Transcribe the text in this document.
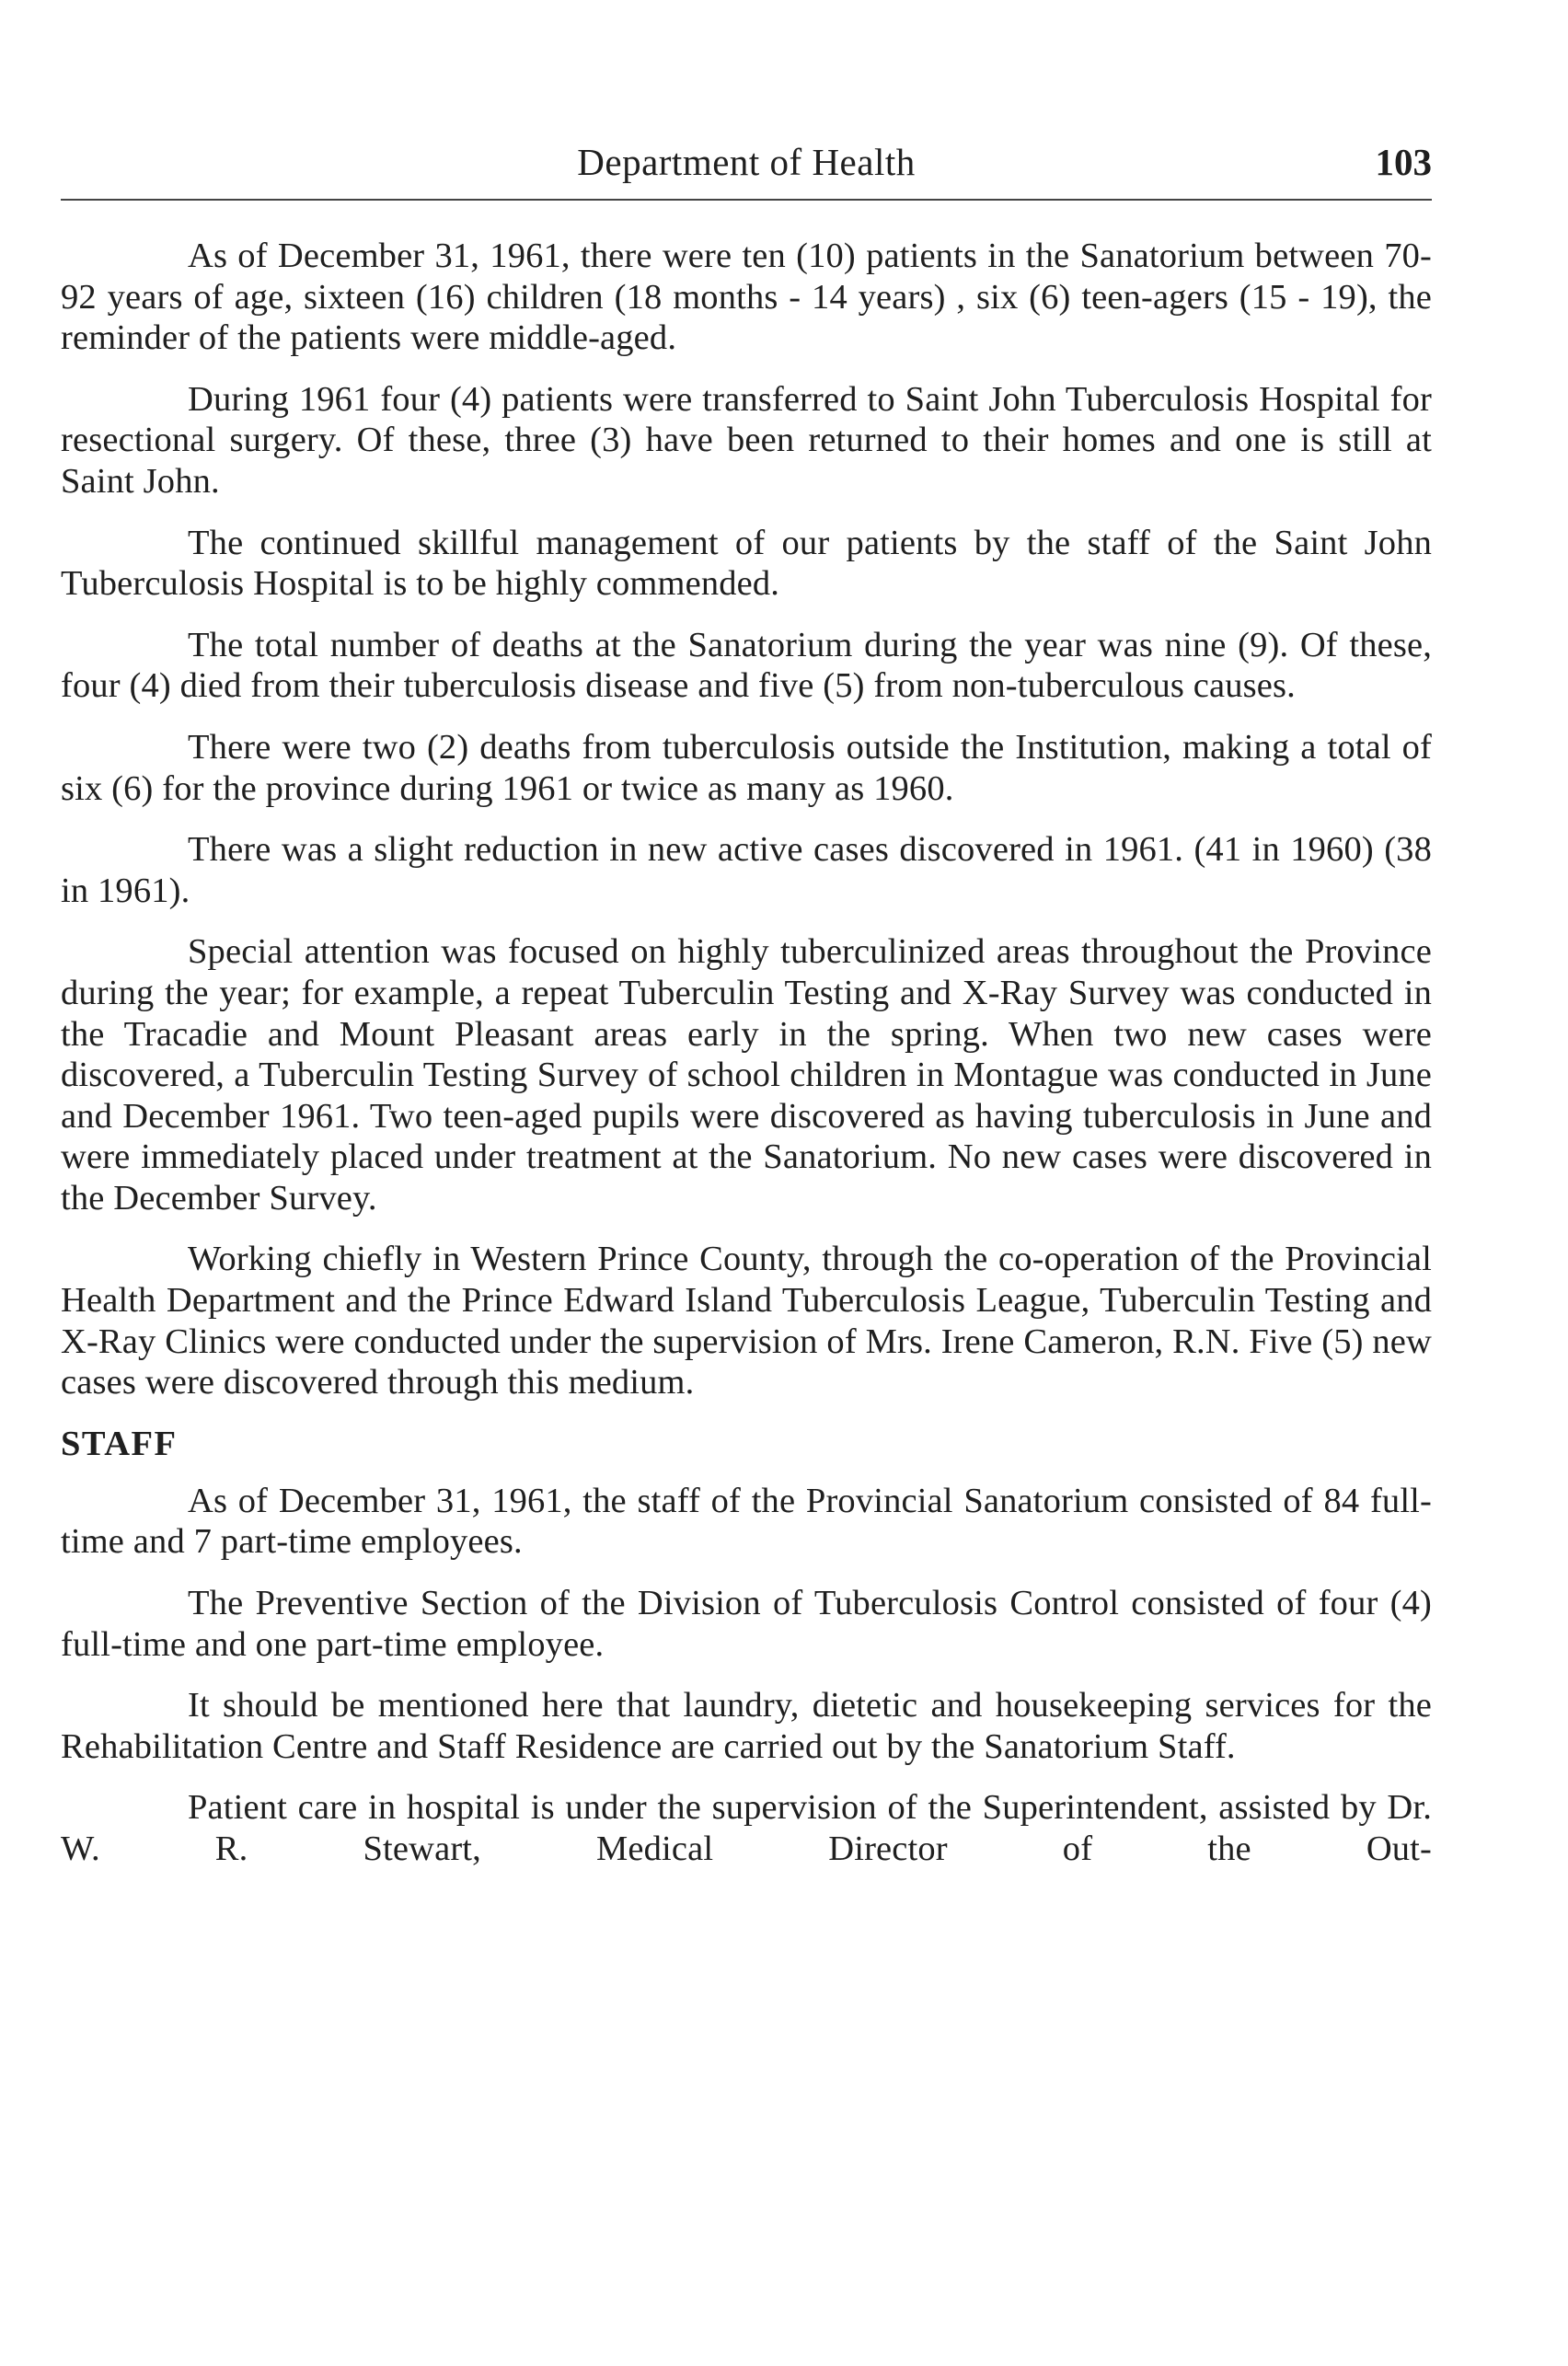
Department of Health	103

As of December 31, 1961, there were ten (10) patients in the Sanatorium between 70-92 years of age, sixteen (16) children (18 months - 14 years) , six (6) teen-agers (15 - 19), the reminder of the patients were middle-aged.

During 1961 four (4) patients were transferred to Saint John Tuberculosis Hospital for resectional surgery. Of these, three (3) have been returned to their homes and one is still at Saint John.

The continued skillful management of our patients by the staff of the Saint John Tuberculosis Hospital is to be highly commended.

The total number of deaths at the Sanatorium during the year was nine (9). Of these, four (4) died from their tuberculosis disease and five (5) from non-tuberculous causes.

There were two (2) deaths from tuberculosis outside the Institution, making a total of six (6) for the province during 1961 or twice as many as 1960.

There was a slight reduction in new active cases discovered in 1961. (41 in 1960) (38 in 1961).

Special attention was focused on highly tuberculinized areas throughout the Province during the year; for example, a repeat Tuberculin Testing and X-Ray Survey was conducted in the Tracadie and Mount Pleasant areas early in the spring. When two new cases were discovered, a Tuberculin Testing Survey of school children in Montague was conducted in June and December 1961. Two teen-aged pupils were discovered as having tuberculosis in June and were immediately placed under treatment at the Sanatorium. No new cases were discovered in the December Survey.

Working chiefly in Western Prince County, through the co-operation of the Provincial Health Department and the Prince Edward Island Tuberculosis League, Tuberculin Testing and X-Ray Clinics were conducted under the supervision of Mrs. Irene Cameron, R.N. Five (5) new cases were discovered through this medium.

STAFF

As of December 31, 1961, the staff of the Provincial Sanatorium consisted of 84 full-time and 7 part-time employees.

The Preventive Section of the Division of Tuberculosis Control consisted of four (4) full-time and one part-time employee.

It should be mentioned here that laundry, dietetic and housekeeping services for the Rehabilitation Centre and Staff Residence are carried out by the Sanatorium Staff.

Patient care in hospital is under the supervision of the Superintendent, assisted by Dr. W. R. Stewart, Medical Director of the Out-
